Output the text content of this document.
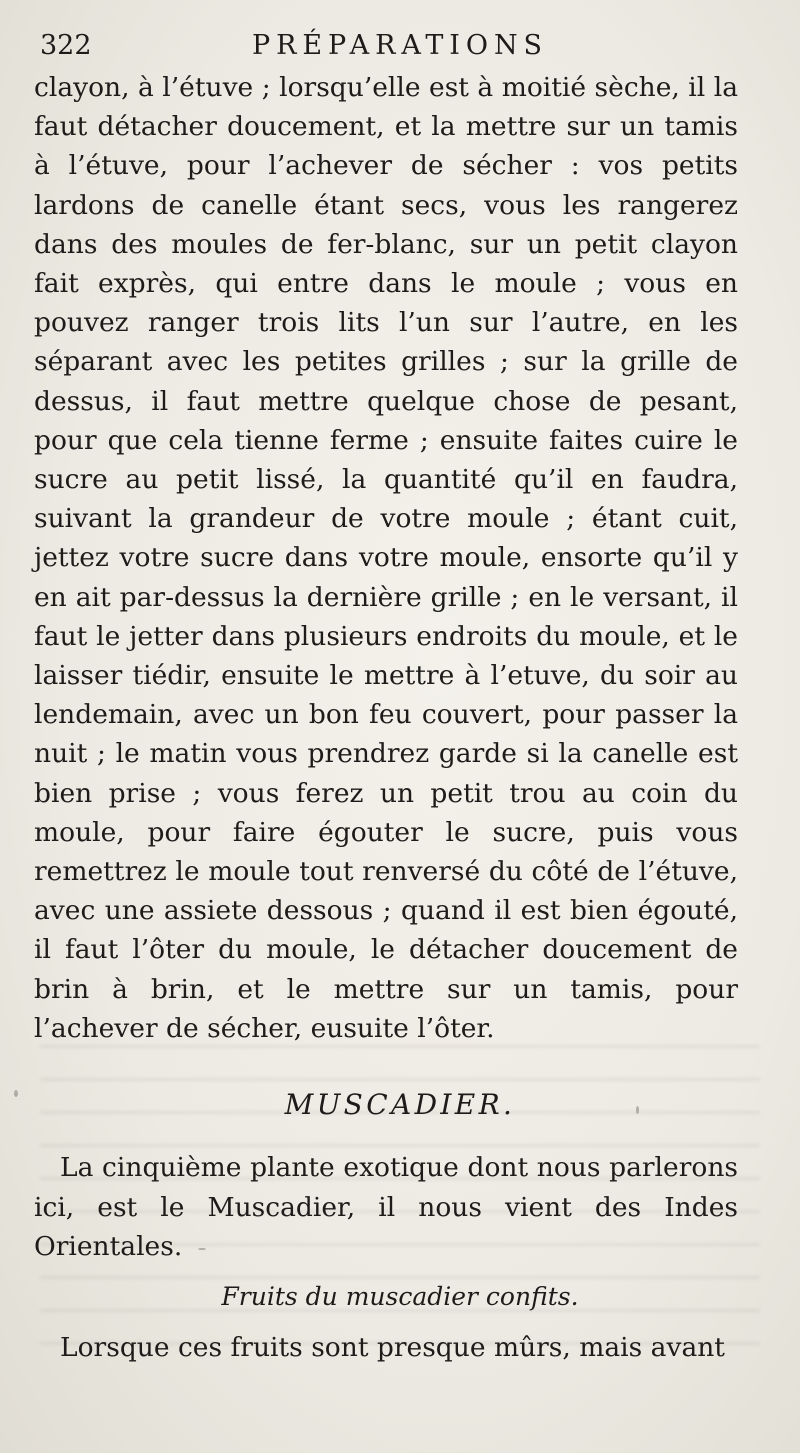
322	PRÉPARATIONS
clayon, à l’étuve ; lorsqu’elle est à moitié sèche, il la faut détacher doucement, et la mettre sur un tamis à l’étuve, pour l’achever de sécher : vos petits lardons de canelle étant secs, vous les rangerez dans des moules de fer-blanc, sur un petit clayon fait exprès, qui entre dans le moule ; vous en pouvez ranger trois lits l’un sur l’autre, en les séparant avec les petites grilles ; sur la grille de dessus, il faut mettre quelque chose de pesant, pour que cela tienne ferme ; ensuite faites cuire le sucre au petit lissé, la quantité qu’il en faudra, suivant la grandeur de votre moule ; étant cuit, jettez votre sucre dans votre moule, ensorte qu’il y en ait par-dessus la dernière grille ; en le versant, il faut le jetter dans plusieurs endroits du moule, et le laisser tiédir, ensuite le mettre à l’etuve, du soir au lendemain, avec un bon feu couvert, pour passer la nuit ; le matin vous prendrez garde si la canelle est bien prise ; vous ferez un petit trou au coin du moule, pour faire égouter le sucre, puis vous remettrez le moule tout renversé du côté de l’étuve, avec une assiete dessous ; quand il est bien égouté, il faut l’ôter du moule, le détacher doucement de brin à brin, et le mettre sur un tamis, pour l’achever de sécher, eusuite l’ôter.
MUSCADIER.
La cinquième plante exotique dont nous parlerons ici, est le Muscadier, il nous vient des Indes Orientales.
Fruits du muscadier confits.
Lorsque ces fruits sont presque mûrs, mais avant
